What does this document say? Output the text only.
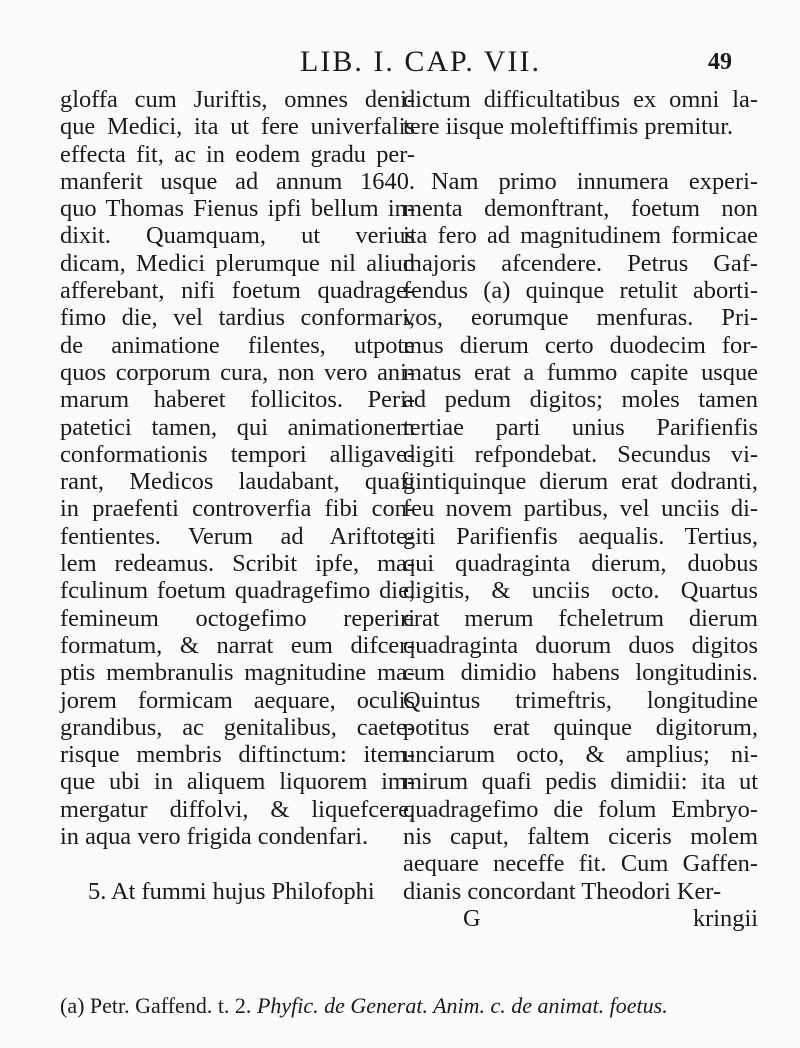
LIB. I. CAP. VII.	49
gloffa cum Juriftis, omnes deni-
que Medici, ita ut fere univerfalis
effecta fit, ac in eodem gradu per-
manferit usque ad annum 1640.
quo Thomas Fienus ipfi bellum in-
dixit. Quamquam, ut verius
dicam, Medici plerumque nil aliud
afferebant, nifi foetum quadrage-
fimo die, vel tardius conformari,
de animatione filentes, utpote
quos corporum cura, non vero ani-
marum haberet follicitos. Peri-
patetici tamen, qui animationem
conformationis tempori alligave-
rant, Medicos laudabant, quafi
in praefenti controverfia fibi con-
fentientes. Verum ad Ariftote-
lem redeamus. Scribit ipfe, ma-
fculinum foetum quadragefimo die,
femineum octogefimo reperiri
formatum, & narrat eum difcer-
ptis membranulis magnitudine ma-
jorem formicam aequare, oculis
grandibus, ac genitalibus, caete-
risque membris diftinctum: item-
que ubi in aliquem liquorem im-
mergatur diffolvi, & liquefcere,
in aqua vero frigida condenfari.
5. At fummi hujus Philofophi
dictum difficultatibus ex omni la-
tere iisque moleftiffimis premitur.
Nam primo innumera experi-
menta demonftrant, foetum non
ita fero ad magnitudinem formicae
majoris afcendere. Petrus Gaf-
fendus (a) quinque retulit aborti-
vos, eorumque menfuras. Pri-
mus dierum certo duodecim for-
matus erat a fummo capite usque
ad pedum digitos; moles tamen
tertiae parti unius Parifienfis
digiti refpondebat. Secundus vi-
gintiquinque dierum erat dodranti,
feu novem partibus, vel unciis di-
giti Parifienfis aequalis. Tertius,
qui quadraginta dierum, duobus
digitis, & unciis octo. Quartus
erat merum fcheletrum dierum
quadraginta duorum duos digitos
cum dimidio habens longitudinis.
Quintus trimeftris, longitudine
potitus erat quinque digitorum,
unciarum octo, & amplius; ni-
mirum quafi pedis dimidii: ita ut
quadragefimo die folum Embryo-
nis caput, faltem ciceris molem
aequare neceffe fit. Cum Gaffen-
dianis concordant Theodori Ker-
G	kringii
(a) Petr. Gaffend. t. 2. Phyfic. de Generat. Anim. c. de animat. foetus.
